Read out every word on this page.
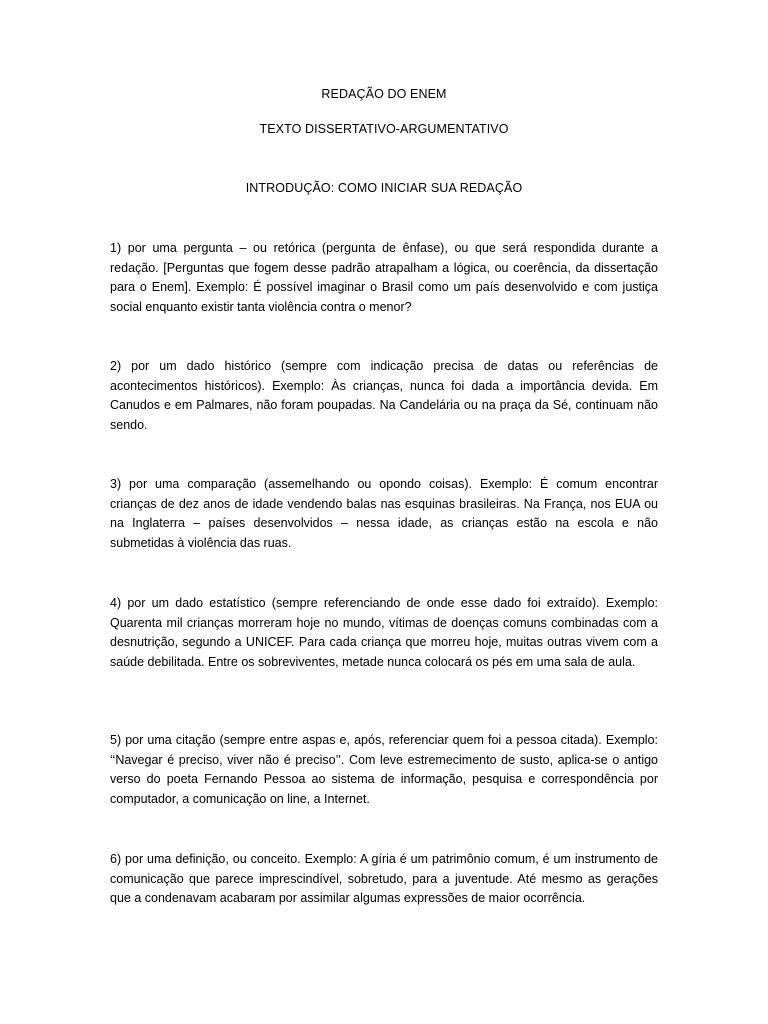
REDAÇÃO DO ENEM
TEXTO DISSERTATIVO-ARGUMENTATIVO
INTRODUÇÃO: COMO INICIAR SUA REDAÇÃO

1) por uma pergunta – ou retórica (pergunta de ênfase), ou que será respondida durante a redação. [Perguntas que fogem desse padrão atrapalham a lógica, ou coerência, da dissertação para o Enem]. Exemplo: É possível imaginar o Brasil como um país desenvolvido e com justiça social enquanto existir tanta violência contra o menor?

2) por um dado histórico (sempre com indicação precisa de datas ou referências de acontecimentos históricos). Exemplo: Às crianças, nunca foi dada a importância devida. Em Canudos e em Palmares, não foram poupadas. Na Candelária ou na praça da Sé, continuam não sendo.

3) por uma comparação (assemelhando ou opondo coisas). Exemplo: É comum encontrar crianças de dez anos de idade vendendo balas nas esquinas brasileiras. Na França, nos EUA ou na Inglaterra – países desenvolvidos – nessa idade, as crianças estão na escola e não submetidas à violência das ruas.

4) por um dado estatístico (sempre referenciando de onde esse dado foi extraído). Exemplo: Quarenta mil crianças morreram hoje no mundo, vítimas de doenças comuns combinadas com a desnutrição, segundo a UNICEF. Para cada criança que morreu hoje, muitas outras vivem com a saúde debilitada. Entre os sobreviventes, metade nunca colocará os pés em uma sala de aula.

5) por uma citação (sempre entre aspas e, após, referenciar quem foi a pessoa citada). Exemplo: ‘‘Navegar é preciso, viver não é preciso’’. Com leve estremecimento de susto, aplica-se o antigo verso do poeta Fernando Pessoa ao sistema de informação, pesquisa e correspondência por computador, a comunicação on line, a Internet.

6) por uma definição, ou conceito. Exemplo: A gíria é um patrimônio comum, é um instrumento de comunicação que parece imprescindível, sobretudo, para a juventude. Até mesmo as gerações que a condenavam acabaram por assimilar algumas expressões de maior ocorrência.
